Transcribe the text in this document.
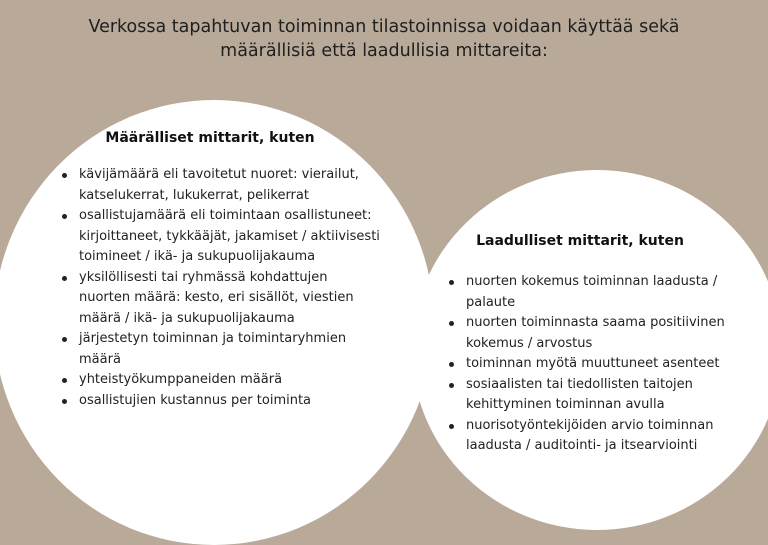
Verkossa tapahtuvan toiminnan tilastoinnissa voidaan käyttää sekä
määrällisiä että laadullisia mittareita:
Määrälliset mittarit, kuten
kävijämäärä eli tavoitetut nuoret: vierailut,
katselukerrat, lukukerrat, pelikerrat
osallistujamäärä eli toimintaan osallistuneet:
kirjoittaneet, tykkääjät, jakamiset / aktiivisesti
toimineet / ikä- ja sukupuolijakauma
yksilöllisesti tai ryhmässä kohdattujen
nuorten määrä: kesto, eri sisällöt, viestien
määrä / ikä- ja sukupuolijakauma
järjestetyn toiminnan ja toimintaryhmien
määrä
yhteistyökumppaneiden määrä
osallistujien kustannus per toiminta
Laadulliset mittarit, kuten
nuorten kokemus toiminnan laadusta /
palaute
nuorten toiminnasta saama positiivinen
kokemus / arvostus
toiminnan myötä muuttuneet asenteet
sosiaalisten tai tiedollisten taitojen
kehittyminen toiminnan avulla
nuorisotyöntekijöiden arvio toiminnan
laadusta / auditointi- ja itsearviointi
